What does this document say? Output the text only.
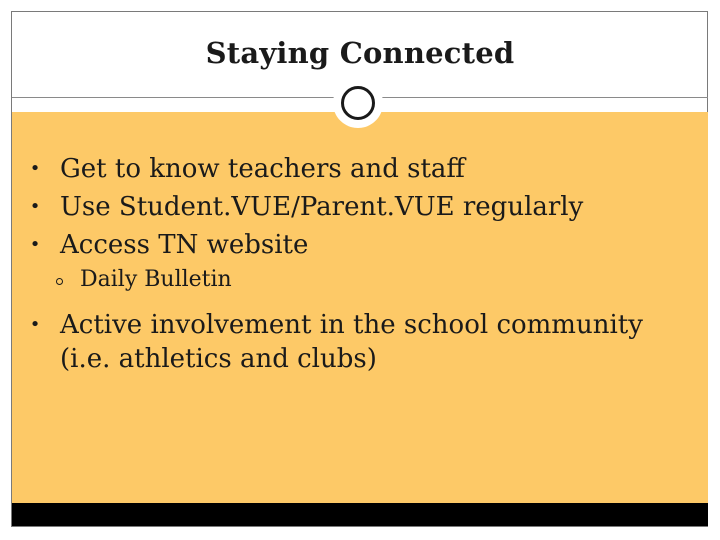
Staying Connected
• Get to know teachers and staff
• Use Student.VUE/Parent.VUE regularly
• Access TN website
Daily Bulletin
• Active involvement in the school community
(i.e. athletics and clubs)
